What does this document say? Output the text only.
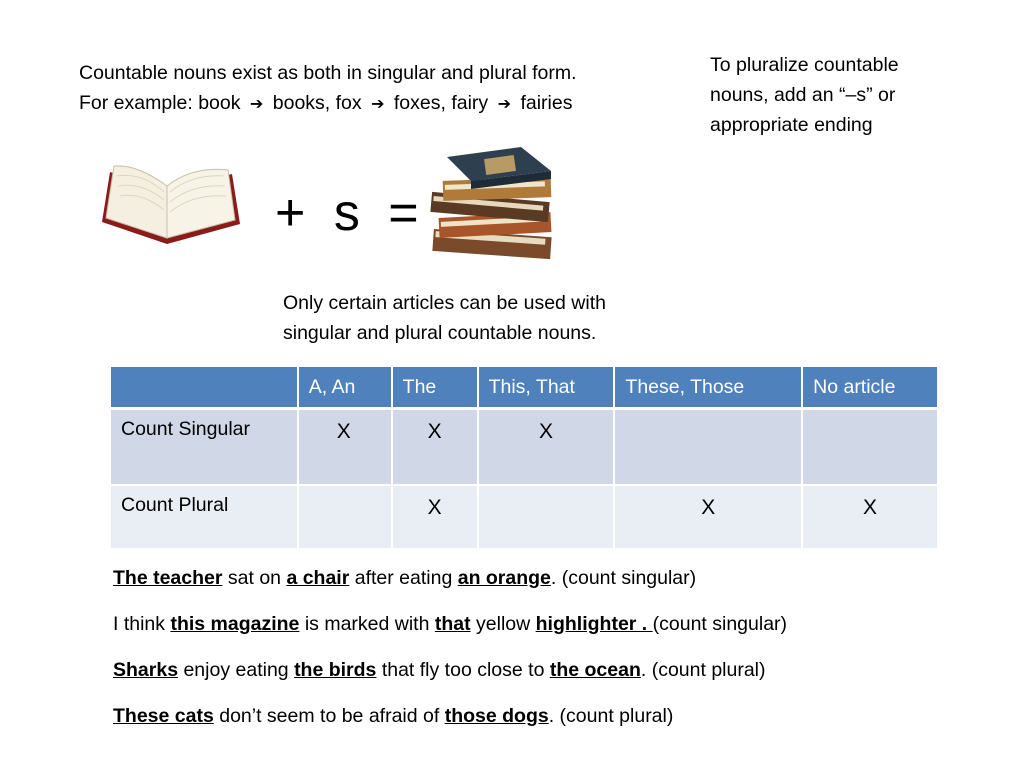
Countable nouns exist as both in singular and plural form.
For example: book ➔ books, fox ➔ foxes, fairy ➔ fairies
To pluralize countable nouns, add an “–s” or appropriate ending
+ s =
Only certain articles can be used with
singular and plural countable nouns.
	A, An	The	This, That	These, Those	No article
Count Singular	X	X	X		

Count Plural		X		X	X

The teacher sat on a chair after eating an orange. (count singular)

I think this magazine is marked with that yellow highlighter . (count singular)

Sharks enjoy eating the birds that fly too close to the ocean. (count plural)

These cats don’t seem to be afraid of those dogs. (count plural)
